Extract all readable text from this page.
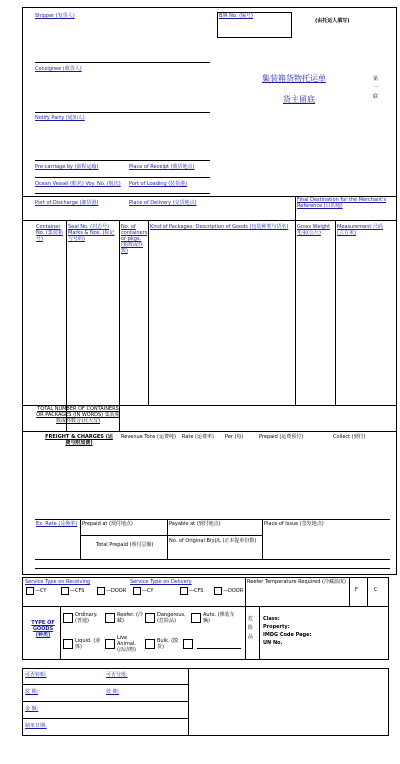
Shipper (发货人)	B/R No. (编号)
(由托运人填写)
Consignee (收货人)
集装箱货物托运单
货主留底
第一联
Notify Party (通知人)
Pre-carriage by (前程运输)	Place of Receipt (收货地点)
Ocean Vessel (船名) Voy. No. (航次) Port of Loading (装货港)
Port of Discharge (卸货港)	Place of Delivery (交货地点)	Final Destination for the Merchant's Reference (目的地)
Container No. (集装箱号)
Seal No. (封志号) Marks & Nos. (标记与号码)
No. of containers or pkgs. (箱数或件数)
Kind of Packages; Description of Goods (包装种类与货名)	Gross Weight 毛重(公斤)
Measurement 尺码(立方米)
TOTAL NUMBER OF CONTAINERS OR PACKAGES (IN WORDS) 集装箱数或件数合计(大写)
FREIGHT & CHARGES (运费与附加费)
Revenue Tons (运费吨) Rate (运费率) Per (每)	Prepaid (运费预付)	Collect (到付)
Ex. Rate (兑换率) Prepaid at (预付地点)	Payable at (到付地点)	Place of Issue (签发地点)
Total Prepaid (预付总额)
No. of Original B(s)/L (正本提单份数)
Service Type on Receiving	Service Type on Delivery	Reefer Temperature Required (冷藏温度)
F	C
—CY	—CFS	—DOOR	—CY	—CFS	—DOOR
TYPE OF GOODS (种类)
Ordinary. (普通)
Reefer. (冷藏)
Dangerous. (危险品)
Auto. (裸装车辆)
Liquid. (液体)
Live Animal. (活动物)
Bulk. (散货)
危险品
Class:
Property:
IMDG Code Page:
UN No.
可否转船:	可否分批:
装 期:	效 期:
金 额:
制单日期:
